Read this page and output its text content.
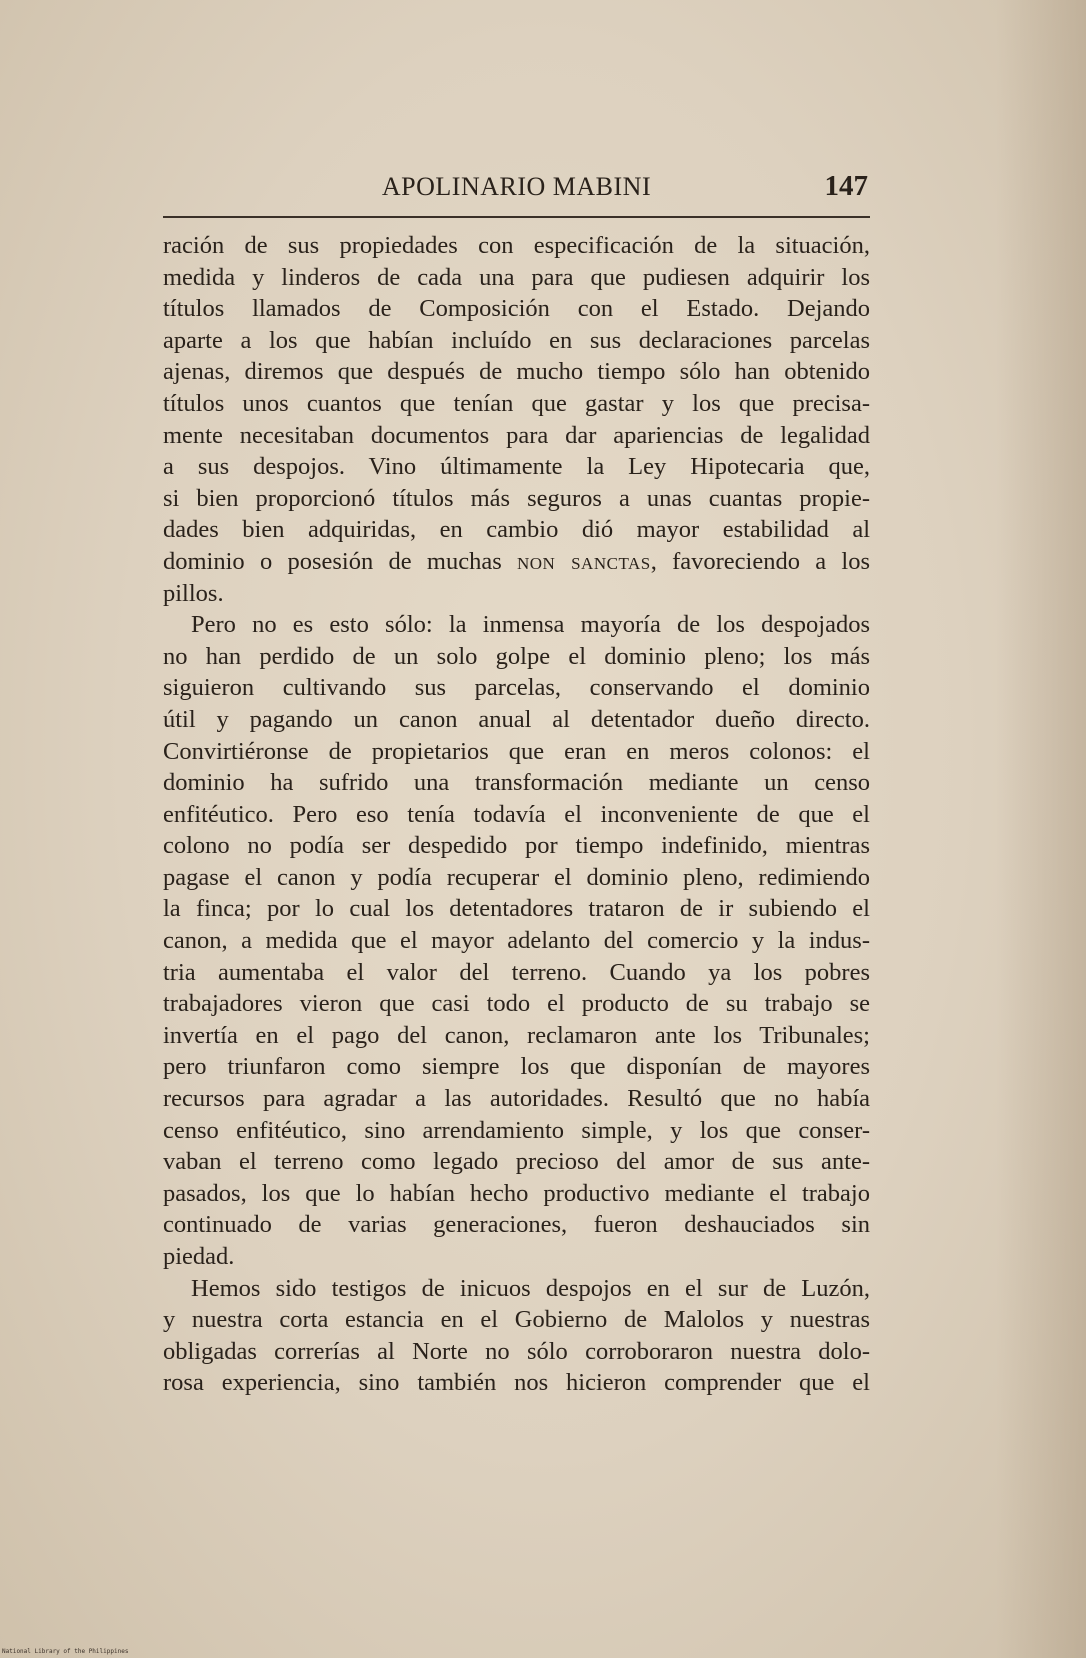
APOLINARIO MABINI	147
ración de sus propiedades con especificación de la situación,
medida y linderos de cada una para que pudiesen adquirir los
títulos llamados de Composición con el Estado. Dejando
aparte a los que habían incluído en sus declaraciones parcelas
ajenas, diremos que después de mucho tiempo sólo han obtenido
títulos unos cuantos que tenían que gastar y los que precisa-
mente necesitaban documentos para dar apariencias de legalidad
a sus despojos. Vino últimamente la Ley Hipotecaria que,
si bien proporcionó títulos más seguros a unas cuantas propie-
dades bien adquiridas, en cambio dió mayor estabilidad al
dominio o posesión de muchas non sanctas, favoreciendo a los
pillos.
Pero no es esto sólo: la inmensa mayoría de los despojados
no han perdido de un solo golpe el dominio pleno; los más
siguieron cultivando sus parcelas, conservando el dominio
útil y pagando un canon anual al detentador dueño directo.
Convirtiéronse de propietarios que eran en meros colonos: el
dominio ha sufrido una transformación mediante un censo
enfitéutico. Pero eso tenía todavía el inconveniente de que el
colono no podía ser despedido por tiempo indefinido, mientras
pagase el canon y podía recuperar el dominio pleno, redimiendo
la finca; por lo cual los detentadores trataron de ir subiendo el
canon, a medida que el mayor adelanto del comercio y la indus-
tria aumentaba el valor del terreno. Cuando ya los pobres
trabajadores vieron que casi todo el producto de su trabajo se
invertía en el pago del canon, reclamaron ante los Tribunales;
pero triunfaron como siempre los que disponían de mayores
recursos para agradar a las autoridades. Resultó que no había
censo enfitéutico, sino arrendamiento simple, y los que conser-
vaban el terreno como legado precioso del amor de sus ante-
pasados, los que lo habían hecho productivo mediante el trabajo
continuado de varias generaciones, fueron deshauciados sin
piedad.
Hemos sido testigos de inicuos despojos en el sur de Luzón,
y nuestra corta estancia en el Gobierno de Malolos y nuestras
obligadas correrías al Norte no sólo corroboraron nuestra dolo-
rosa experiencia, sino también nos hicieron comprender que el
National Library of the Philippines
